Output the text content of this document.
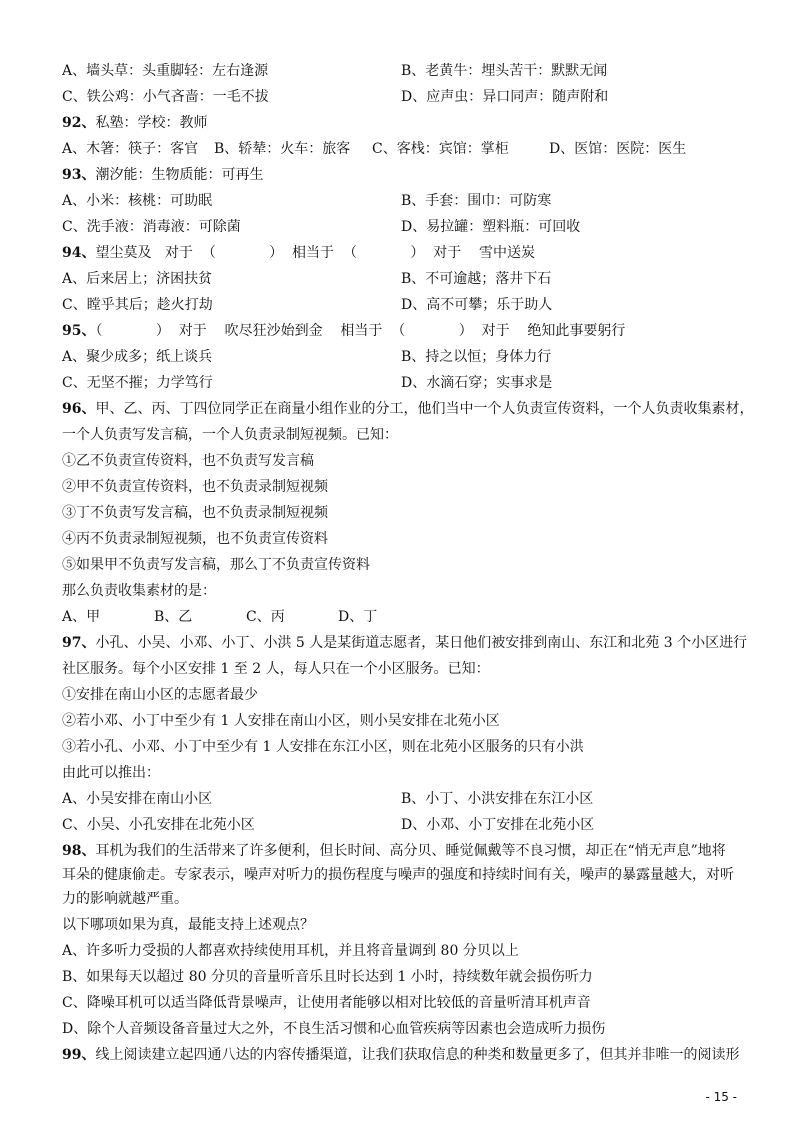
A、墙头草：头重脚轻：左右逢源	B、老黄牛：埋头苦干：默默无闻
C、铁公鸡：小气吝啬：一毛不拔	D、应声虫：异口同声：随声附和
92、私塾：学校：教师
A、木箸：筷子：客官 B、轿辇：火车：旅客 C、客栈：宾馆：掌柜	D、医馆：医院：医生
93、潮汐能：生物质能：可再生
A、小米：核桃：可助眠	B、手套：围巾：可防寒
C、洗手液：消毒液：可除菌	D、易拉罐：塑料瓶：可回收
94、望尘莫及   对于  （            ）  相当于  （            ）  对于    雪中送炭
A、后来居上；济困扶贫	B、不可逾越；落井下石
C、瞠乎其后；趁火打劫	D、高不可攀；乐于助人
95、（            ）  对于    吹尽狂沙始到金    相当于  （            ）  对于    绝知此事要躬行
A、聚少成多；纸上谈兵	B、持之以恒；身体力行
C、无坚不摧；力学笃行	D、水滴石穿；实事求是
96、甲、乙、丙、丁四位同学正在商量小组作业的分工，他们当中一个人负责宣传资料，一个人负责收集素材，
一个人负责写发言稿，一个人负责录制短视频。已知：
①乙不负责宣传资料，也不负责写发言稿
②甲不负责宣传资料，也不负责录制短视频
③丁不负责写发言稿，也不负责录制短视频
④丙不负责录制短视频，也不负责宣传资料
⑤如果甲不负责写发言稿，那么丁不负责宣传资料
那么负责收集素材的是：
A、甲	B、乙	C、丙	D、丁
97、小孔、小吴、小邓、小丁、小洪 5 人是某街道志愿者，某日他们被安排到南山、东江和北苑 3 个小区进行
社区服务。每个小区安排 1 至 2 人，每人只在一个小区服务。已知：
①安排在南山小区的志愿者最少
②若小邓、小丁中至少有 1 人安排在南山小区，则小吴安排在北苑小区
③若小孔、小邓、小丁中至少有 1 人安排在东江小区，则在北苑小区服务的只有小洪
由此可以推出：
A、小吴安排在南山小区	B、小丁、小洪安排在东江小区
C、小吴、小孔安排在北苑小区	D、小邓、小丁安排在北苑小区
98、耳机为我们的生活带来了许多便利，但长时间、高分贝、睡觉佩戴等不良习惯，却正在“悄无声息”地将
耳朵的健康偷走。专家表示，噪声对听力的损伤程度与噪声的强度和持续时间有关，噪声的暴露量越大，对听
力的影响就越严重。
以下哪项如果为真，最能支持上述观点？
A、许多听力受损的人都喜欢持续使用耳机，并且将音量调到 80 分贝以上
B、如果每天以超过 80 分贝的音量听音乐且时长达到 1 小时，持续数年就会损伤听力
C、降噪耳机可以适当降低背景噪声，让使用者能够以相对比较低的音量听清耳机声音
D、除个人音频设备音量过大之外，不良生活习惯和心血管疾病等因素也会造成听力损伤
99、线上阅读建立起四通八达的内容传播渠道，让我们获取信息的种类和数量更多了，但其并非唯一的阅读形
- 15 -
